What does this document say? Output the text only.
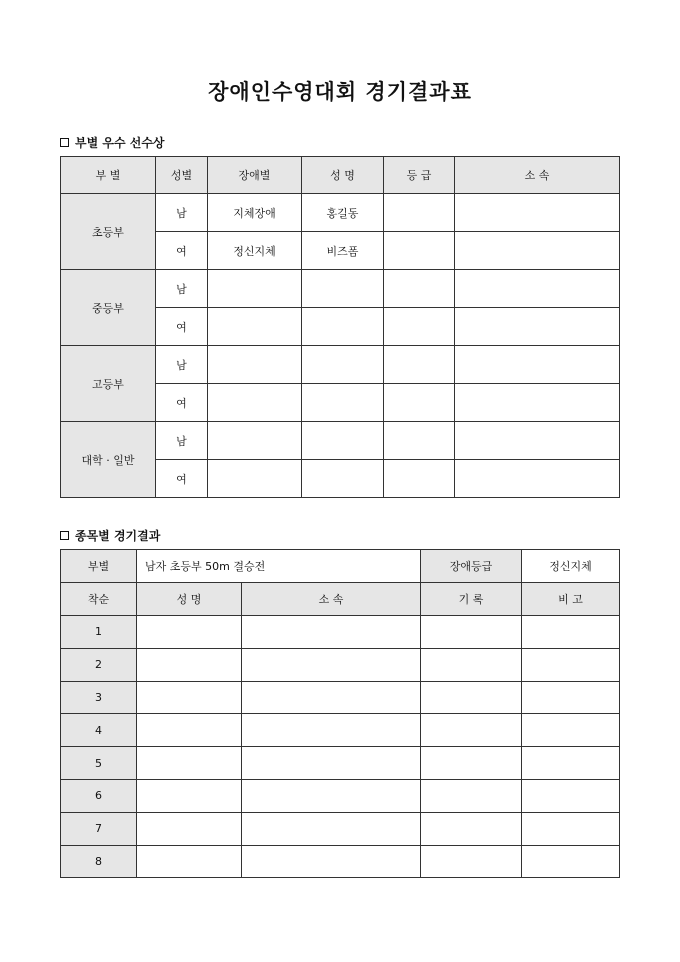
장애인수영대회 경기결과표
부별 우수 선수상
부 별	성별	장애별	성 명	등 급	소 속
초등부	남	지체장애	홍길동		
	여	정신지체	비즈폼		
중등부	남				
	여				
고등부	남				
	여				
대학 · 일반	남				
	여				
종목별 경기결과
부별	남자 초등부 50m 결승전		장애등급	정신지체
착순	성 명	소 속	기 록	비 고
1				
2				
3				
4				
5				
6				
7				
8				
